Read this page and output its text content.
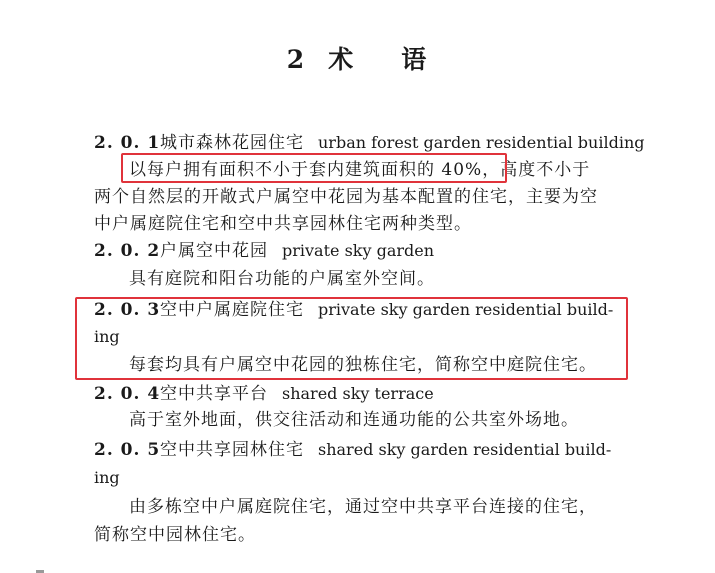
2 术 语
2. 0. 1城市森林花园住宅 urban forest garden residential building
以每户拥有面积不小于套内建筑面积的 40%，高度不小于
两个自然层的开敞式户属空中花园为基本配置的住宅，主要为空
中户属庭院住宅和空中共享园林住宅两种类型。
2. 0. 2户属空中花园 private sky garden
具有庭院和阳台功能的户属室外空间。
2. 0. 3空中户属庭院住宅 private sky garden residential build-
ing
每套均具有户属空中花园的独栋住宅，简称空中庭院住宅。
2. 0. 4空中共享平台 shared sky terrace
高于室外地面，供交往活动和连通功能的公共室外场地。
2. 0. 5空中共享园林住宅 shared sky garden residential build-
ing
由多栋空中户属庭院住宅，通过空中共享平台连接的住宅，
简称空中园林住宅。
